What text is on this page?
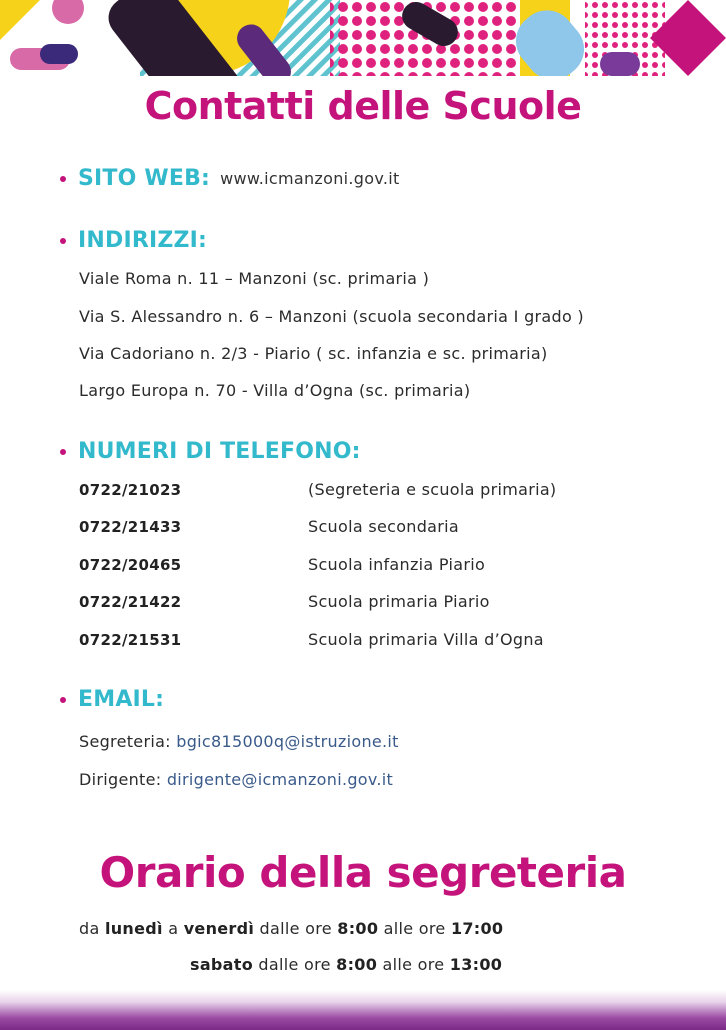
Contatti delle Scuole
SITO WEB: www.icmanzoni.gov.it
INDIRIZZI:
Viale Roma n. 11 – Manzoni (sc. primaria )
Via S. Alessandro n. 6 – Manzoni (scuola secondaria I grado )
Via Cadoriano n. 2/3 - Piario ( sc. infanzia e sc. primaria)
Largo Europa n. 70 - Villa d’Ogna (sc. primaria)
NUMERI DI TELEFONO:
0722/21023	(Segreteria e scuola primaria)
0722/21433	Scuola secondaria
0722/20465	Scuola infanzia Piario
0722/21422	Scuola primaria Piario
0722/21531	Scuola primaria Villa d’Ogna
EMAIL:
Segreteria: bgic815000q@istruzione.it
Dirigente: dirigente@icmanzoni.gov.it
Orario della segreteria
da lunedì a venerdì dalle ore 8:00 alle ore 17:00
sabato dalle ore 8:00 alle ore 13:00
